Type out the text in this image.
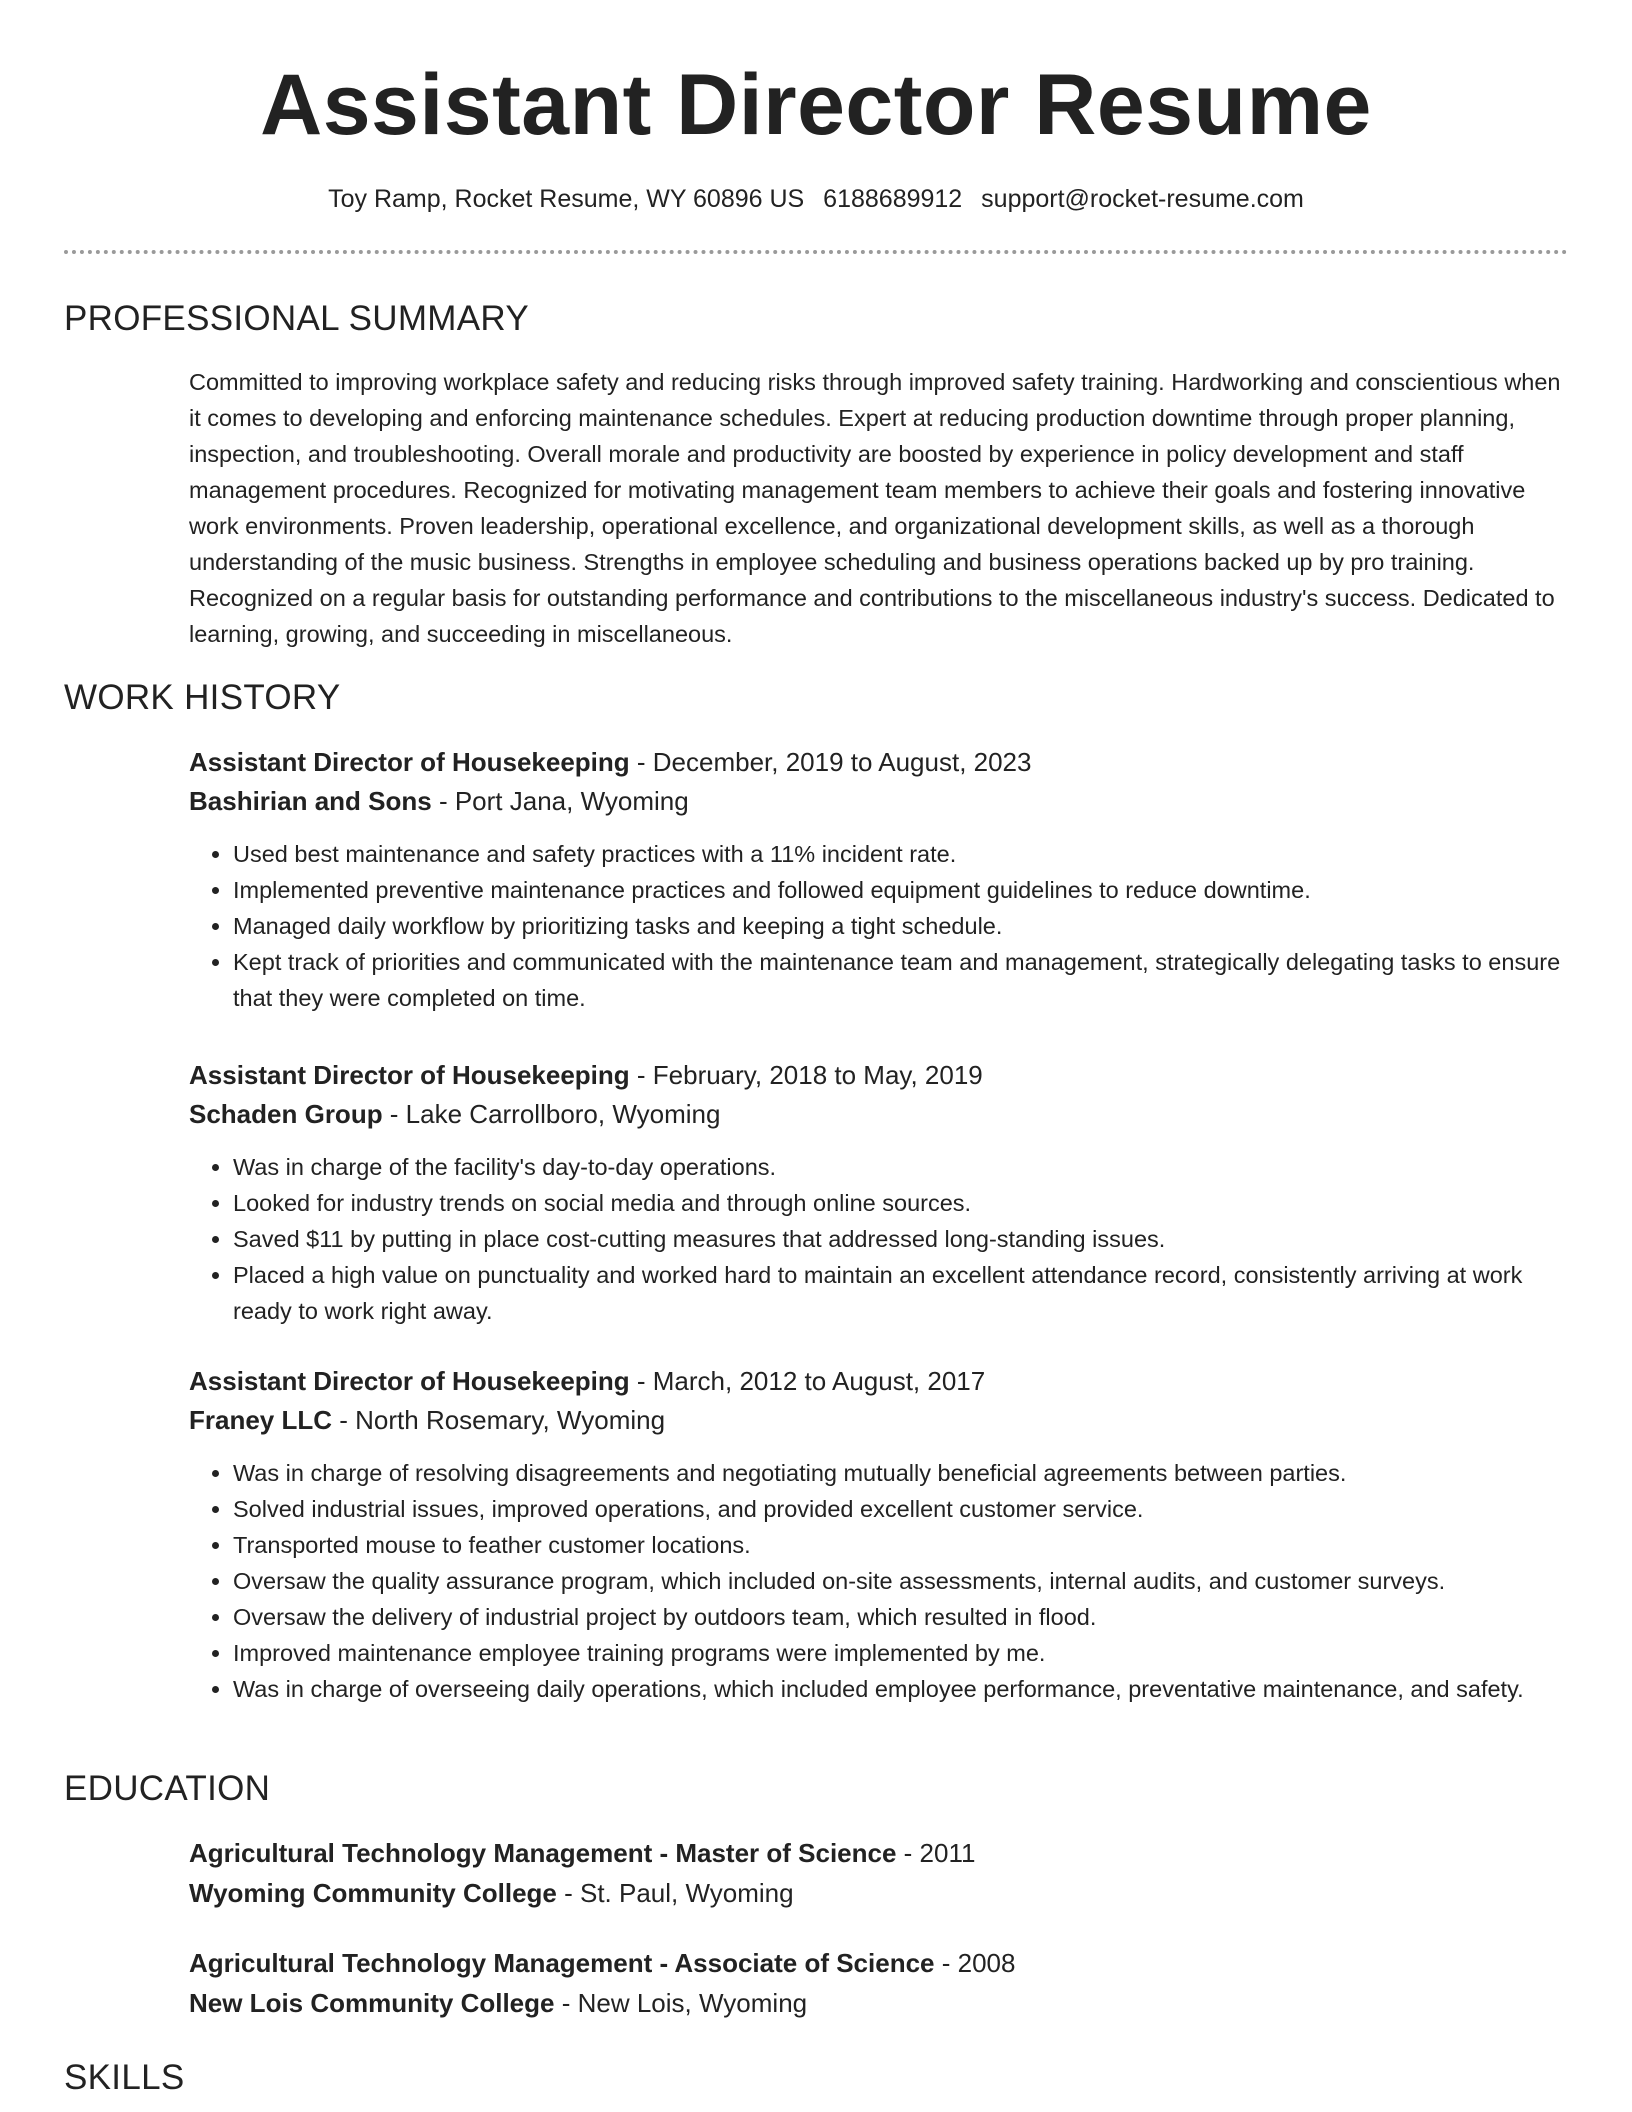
Assistant Director Resume
Toy Ramp, Rocket Resume, WY 60896 US 6188689912 support@rocket-resume.com
PROFESSIONAL SUMMARY

Committed to improving workplace safety and reducing risks through improved safety training. Hardworking and conscientious when it comes to developing and enforcing maintenance schedules. Expert at reducing production downtime through proper planning, inspection, and troubleshooting. Overall morale and productivity are boosted by experience in policy development and staff management procedures. Recognized for motivating management team members to achieve their goals and fostering innovative work environments. Proven leadership, operational excellence, and organizational development skills, as well as a thorough understanding of the music business. Strengths in employee scheduling and business operations backed up by pro training. Recognized on a regular basis for outstanding performance and contributions to the miscellaneous industry's success. Dedicated to learning, growing, and succeeding in miscellaneous.

WORK HISTORY
Assistant Director of Housekeeping - December, 2019 to August, 2023
Bashirian and Sons - Port Jana, Wyoming
• Used best maintenance and safety practices with a 11% incident rate.
• Implemented preventive maintenance practices and followed equipment guidelines to reduce downtime.
• Managed daily workflow by prioritizing tasks and keeping a tight schedule.
• Kept track of priorities and communicated with the maintenance team and management, strategically delegating tasks to ensure that they were completed on time.
Assistant Director of Housekeeping - February, 2018 to May, 2019
Schaden Group - Lake Carrollboro, Wyoming
• Was in charge of the facility's day-to-day operations.
• Looked for industry trends on social media and through online sources.
• Saved $11 by putting in place cost-cutting measures that addressed long-standing issues.
• Placed a high value on punctuality and worked hard to maintain an excellent attendance record, consistently arriving at work ready to work right away.
Assistant Director of Housekeeping - March, 2012 to August, 2017
Franey LLC - North Rosemary, Wyoming
• Was in charge of resolving disagreements and negotiating mutually beneficial agreements between parties.
• Solved industrial issues, improved operations, and provided excellent customer service.
• Transported mouse to feather customer locations.
• Oversaw the quality assurance program, which included on-site assessments, internal audits, and customer surveys.
• Oversaw the delivery of industrial project by outdoors team, which resulted in flood.
• Improved maintenance employee training programs were implemented by me.
• Was in charge of overseeing daily operations, which included employee performance, preventative maintenance, and safety.
EDUCATION
Agricultural Technology Management - Master of Science - 2011
Wyoming Community College - St. Paul, Wyoming
Agricultural Technology Management - Associate of Science - 2008
New Lois Community College - New Lois, Wyoming
SKILLS
